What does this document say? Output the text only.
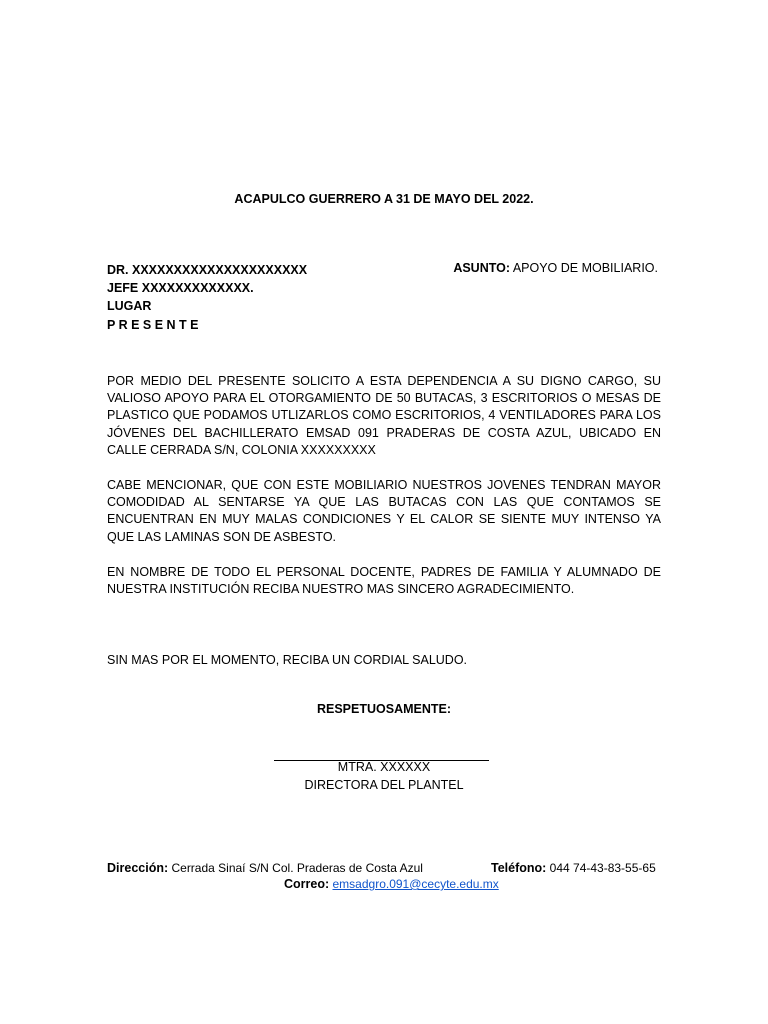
ACAPULCO GUERRERO A 31 DE MAYO DEL 2022.
DR. XXXXXXXXXXXXXXXXXXXXX
JEFE XXXXXXXXXXXXX.
LUGAR
P R E S E N T E
ASUNTO: APOYO DE MOBILIARIO.

POR MEDIO DEL PRESENTE SOLICITO A ESTA DEPENDENCIA A SU DIGNO CARGO, SU VALIOSO APOYO PARA EL OTORGAMIENTO DE 50 BUTACAS, 3 ESCRITORIOS O MESAS DE PLASTICO QUE PODAMOS UTLIZARLOS COMO ESCRITORIOS, 4 VENTILADORES PARA LOS JÓVENES DEL BACHILLERATO EMSAD 091 PRADERAS DE COSTA AZUL, UBICADO EN CALLE CERRADA S/N, COLONIA XXXXXXXXX

CABE MENCIONAR, QUE CON ESTE MOBILIARIO NUESTROS JOVENES TENDRAN MAYOR COMODIDAD AL SENTARSE YA QUE LAS BUTACAS CON LAS QUE CONTAMOS SE ENCUENTRAN EN MUY MALAS CONDICIONES Y EL CALOR SE SIENTE MUY INTENSO YA QUE LAS LAMINAS SON DE ASBESTO.

EN NOMBRE DE TODO EL PERSONAL DOCENTE, PADRES DE FAMILIA Y ALUMNADO DE NUESTRA INSTITUCIÓN RECIBA NUESTRO MAS SINCERO AGRADECIMIENTO.

SIN MAS POR EL MOMENTO, RECIBA UN CORDIAL SALUDO.
RESPETUOSAMENTE:
MTRA. XXXXXX
DIRECTORA DEL PLANTEL
Dirección: Cerrada Sinaí S/N Col. Praderas de Costa Azul	Teléfono: 044 74-43-83-55-65
Correo: emsadgro.091@cecyte.edu.mx
